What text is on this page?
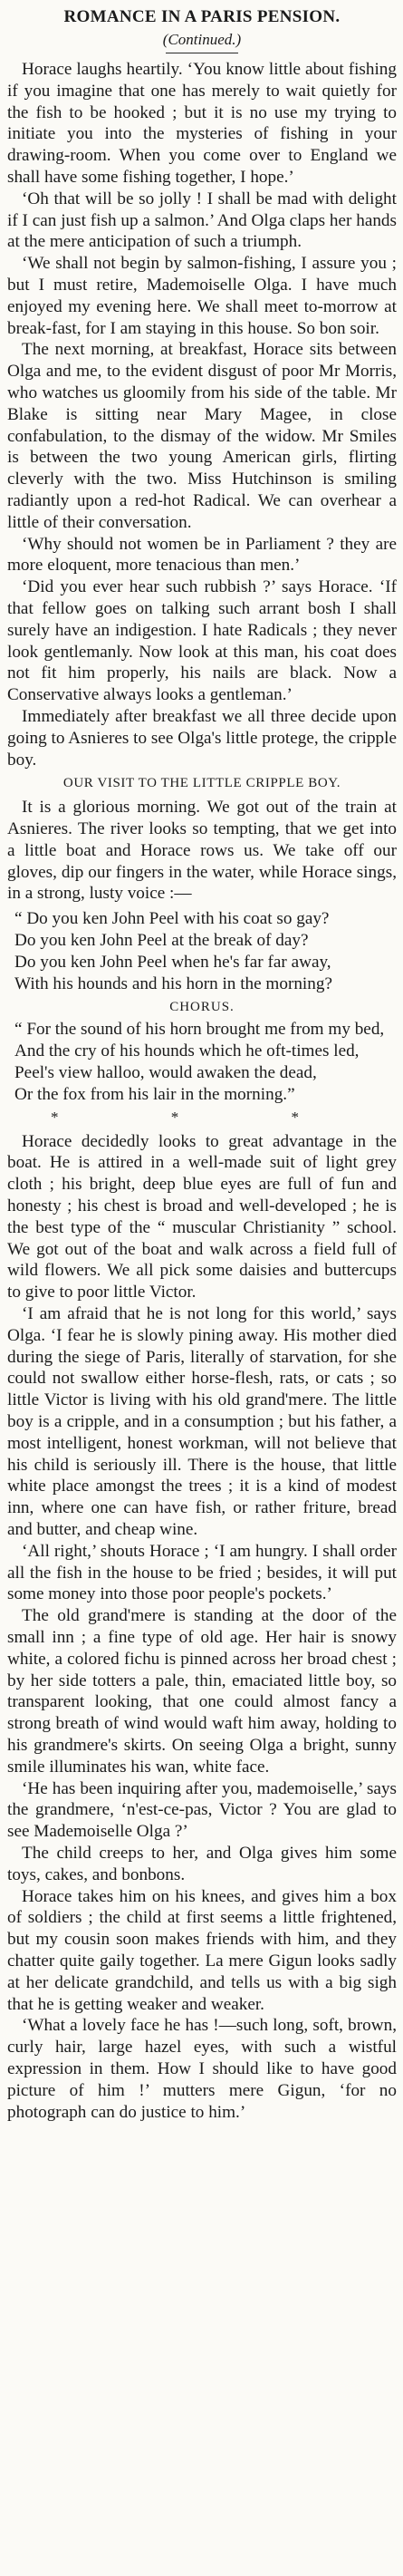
ROMANCE IN A PARIS PENSION.
(Continued.)

Horace laughs heartily. ‘You know little about fishing if you imagine that one has merely to wait quietly for the fish to be hooked ; but it is no use my trying to initiate you into the mysteries of fishing in your drawing-room. When you come over to England we shall have some fishing together, I hope.’

‘Oh that will be so jolly ! I shall be mad with delight if I can just fish up a salmon.’ And Olga claps her hands at the mere anticipation of such a triumph.

‘We shall not begin by salmon-fishing, I assure you ; but I must retire, Mademoiselle Olga. I have much enjoyed my evening here. We shall meet to-morrow at break-fast, for I am staying in this house. So bon soir.

The next morning, at breakfast, Horace sits between Olga and me, to the evident disgust of poor Mr Morris, who watches us gloomily from his side of the table. Mr Blake is sitting near Mary Magee, in close confabulation, to the dismay of the widow. Mr Smiles is between the two young American girls, flirting cleverly with the two. Miss Hutchinson is smiling radiantly upon a red-hot Radical. We can overhear a little of their conversation.

‘Why should not women be in Parliament ? they are more eloquent, more tenacious than men.’

‘Did you ever hear such rubbish ?’ says Horace. ‘If that fellow goes on talking such arrant bosh I shall surely have an indigestion. I hate Radicals ; they never look gentlemanly. Now look at this man, his coat does not fit him properly, his nails are black. Now a Conservative always looks a gentleman.’

Immediately after breakfast we all three decide upon going to Asnieres to see Olga's little protege, the cripple boy.

OUR VISIT TO THE LITTLE CRIPPLE BOY.

It is a glorious morning. We got out of the train at Asnieres. The river looks so tempting, that we get into a little boat and Horace rows us. We take off our gloves, dip our fingers in the water, while Horace sings, in a strong, lusty voice :—

“ Do you ken John Peel with his coat so gay?
Do you ken John Peel at the break of day?
Do you ken John Peel when he's far far away,
With his hounds and his horn in the morning?
CHORUS.
“ For the sound of his horn brought me from my bed,
And the cry of his hounds which he oft-times led,
Peel's view halloo, would awaken the dead,
Or the fox from his lair in the morning.”
* * *

Horace decidedly looks to great advantage in the boat. He is attired in a well-made suit of light grey cloth ; his bright, deep blue eyes are full of fun and honesty ; his chest is broad and well-developed ; he is the best type of the “ muscular Christianity ” school. We got out of the boat and walk across a field full of wild flowers. We all pick some daisies and buttercups to give to poor little Victor.

‘I am afraid that he is not long for this world,’ says Olga. ‘I fear he is slowly pining away. His mother died during the siege of Paris, literally of starvation, for she could not swallow either horse-flesh, rats, or cats ; so little Victor is living with his old grand'mere. The little boy is a cripple, and in a consumption ; but his father, a most intelligent, honest workman, will not believe that his child is seriously ill. There is the house, that little white place amongst the trees ; it is a kind of modest inn, where one can have fish, or rather friture, bread and butter, and cheap wine.

‘All right,’ shouts Horace ; ‘I am hungry. I shall order all the fish in the house to be fried ; besides, it will put some money into those poor people's pockets.’

The old grand'mere is standing at the door of the small inn ; a fine type of old age. Her hair is snowy white, a colored fichu is pinned across her broad chest ; by her side totters a pale, thin, emaciated little boy, so transparent looking, that one could almost fancy a strong breath of wind would waft him away, holding to his grandmere's skirts. On seeing Olga a bright, sunny smile illuminates his wan, white face.

‘He has been inquiring after you, mademoiselle,’ says the grandmere, ‘n'est-ce-pas, Victor ? You are glad to see Mademoiselle Olga ?’

The child creeps to her, and Olga gives him some toys, cakes, and bonbons.

Horace takes him on his knees, and gives him a box of soldiers ; the child at first seems a little frightened, but my cousin soon makes friends with him, and they chatter quite gaily together. La mere Gigun looks sadly at her delicate grandchild, and tells us with a big sigh that he is getting weaker and weaker.

‘What a lovely face he has !—such long, soft, brown, curly hair, large hazel eyes, with such a wistful expression in them. How I should like to have good picture of him !’ mutters mere Gigun, ‘for no photograph can do justice to him.’
